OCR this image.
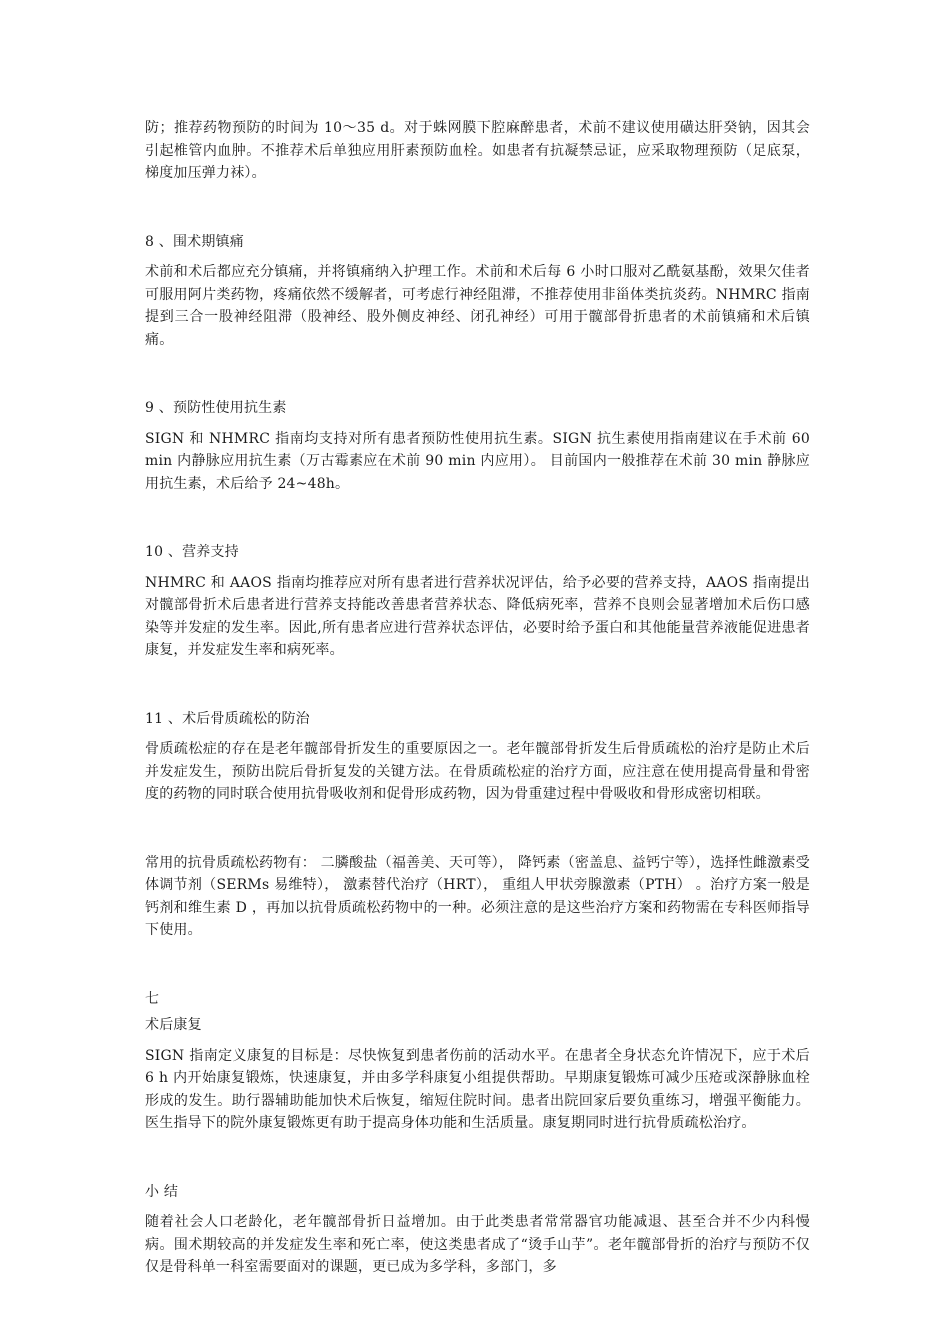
防；推荐药物预防的时间为 10～35 d。对于蛛网膜下腔麻醉患者，术前不建议使用磺达肝癸钠，因其会引起椎管内血肿。不推荐术后单独应用肝素预防血栓。如患者有抗凝禁忌证，应采取物理预防（足底泵，梯度加压弹力袜）。

8 、围术期镇痛

术前和术后都应充分镇痛，并将镇痛纳入护理工作。术前和术后每 6 小时口服对乙酰氨基酚，效果欠佳者可服用阿片类药物，疼痛依然不缓解者，可考虑行神经阻滞，不推荐使用非甾体类抗炎药。NHMRC 指南提到三合一股神经阻滞（股神经、股外侧皮神经、闭孔神经）可用于髋部骨折患者的术前镇痛和术后镇痛。

9 、预防性使用抗生素

SIGN 和 NHMRC 指南均支持对所有患者预防性使用抗生素。SIGN 抗生素使用指南建议在手术前 60 min 内静脉应用抗生素（万古霉素应在术前 90 min 内应用）。 目前国内一般推荐在术前 30 min 静脉应用抗生素，术后给予 24~48h。

10 、营养支持

NHMRC 和 AAOS 指南均推荐应对所有患者进行营养状况评估，给予必要的营养支持，AAOS 指南提出对髋部骨折术后患者进行营养支持能改善患者营养状态、降低病死率，营养不良则会显著增加术后伤口感染等并发症的发生率。因此,所有患者应进行营养状态评估，必要时给予蛋白和其他能量营养液能促进患者康复，并发症发生率和病死率。

11 、术后骨质疏松的防治

骨质疏松症的存在是老年髋部骨折发生的重要原因之一。老年髋部骨折发生后骨质疏松的治疗是防止术后并发症发生，预防出院后骨折复发的关键方法。在骨质疏松症的治疗方面，应注意在使用提高骨量和骨密度的药物的同时联合使用抗骨吸收剂和促骨形成药物，因为骨重建过程中骨吸收和骨形成密切相联。

常用的抗骨质疏松药物有： 二膦酸盐（福善美、天可等）， 降钙素（密盖息、益钙宁等），选择性雌激素受体调节剂（SERMs 易维特）， 激素替代治疗（HRT）， 重组人甲状旁腺激素（PTH） 。治疗方案一般是钙剂和维生素 D ，再加以抗骨质疏松药物中的一种。必须注意的是这些治疗方案和药物需在专科医师指导下使用。

七

术后康复

SIGN 指南定义康复的目标是：尽快恢复到患者伤前的活动水平。在患者全身状态允许情况下，应于术后 6 h 内开始康复锻炼，快速康复，并由多学科康复小组提供帮助。早期康复锻炼可减少压疮或深静脉血栓形成的发生。助行器辅助能加快术后恢复，缩短住院时间。患者出院回家后要负重练习，增强平衡能力。医生指导下的院外康复锻炼更有助于提高身体功能和生活质量。康复期同时进行抗骨质疏松治疗。

小 结

随着社会人口老龄化，老年髋部骨折日益增加。由于此类患者常常器官功能减退、甚至合并不少内科慢病。围术期较高的并发症发生率和死亡率，使这类患者成了“烫手山芋”。老年髋部骨折的治疗与预防不仅仅是骨科单一科室需要面对的课题，更已成为多学科，多部门，多
